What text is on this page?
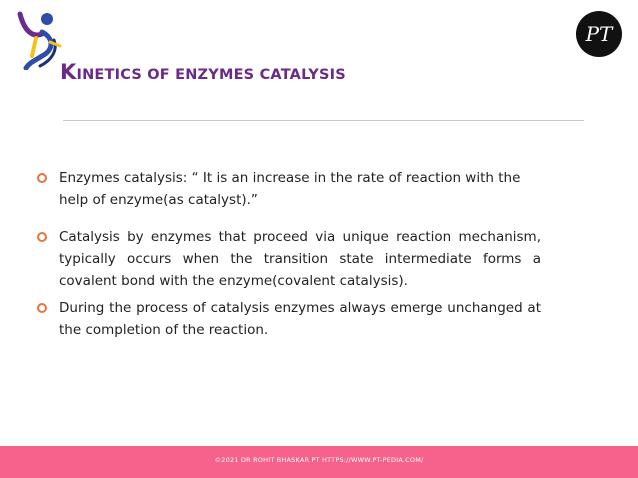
PT
KINETICS OF ENZYMES CATALYSIS
Enzymes catalysis: “ It is an increase in the rate of reaction with the help of enzyme(as catalyst).”
Catalysis by enzymes that proceed via unique reaction mechanism, typically occurs when the transition state intermediate forms a covalent bond with the enzyme(covalent catalysis).
During the process of catalysis enzymes always emerge unchanged at the completion of the reaction.
©2021 DR ROHIT BHASKAR PT HTTPS://WWW.PT-PEDIA.COM/
